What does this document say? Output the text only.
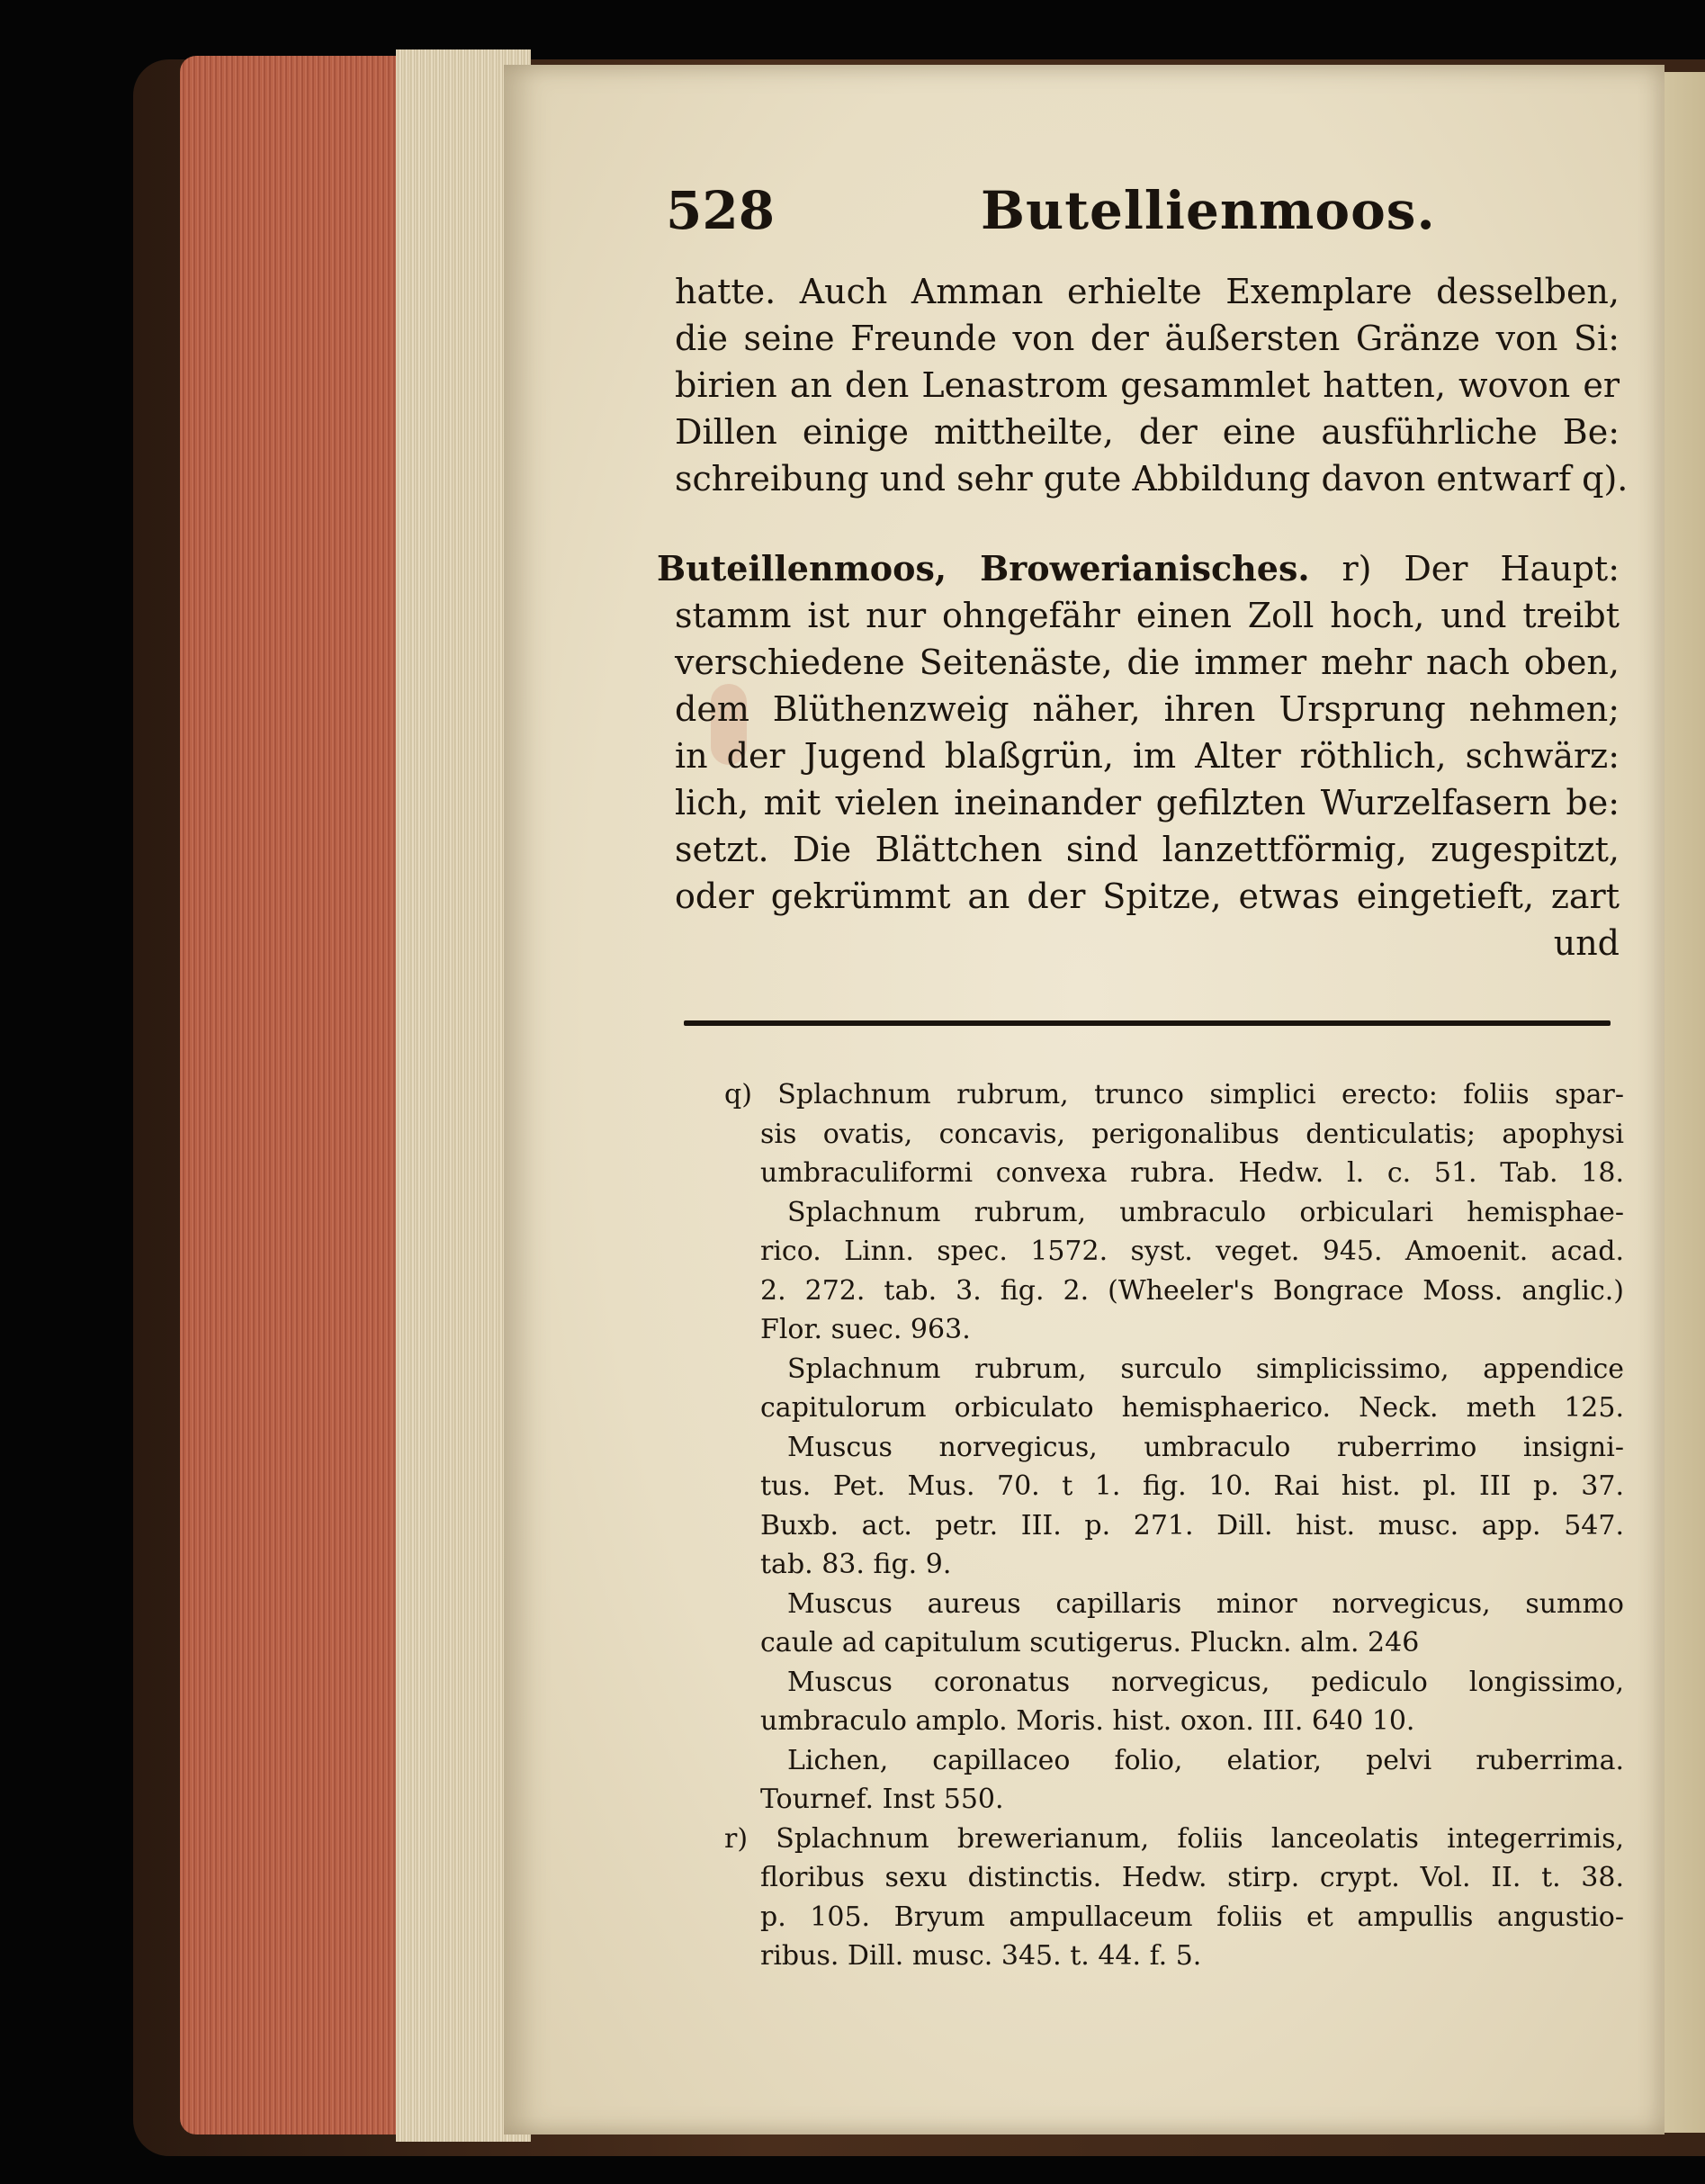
528	Butellienmoos.
hatte. Auch Amman erhielte Exemplare desselben,
die seine Freunde von der äußersten Gränze von Si:
birien an den Lenastrom gesammlet hatten, wovon er
Dillen einige mittheilte, der eine ausführliche Be:
schreibung und sehr gute Abbildung davon entwarf q).
Buteillenmoos, Browerianisches. r) Der Haupt:
stamm ist nur ohngefähr einen Zoll hoch, und treibt
verschiedene Seitenäste, die immer mehr nach oben,
dem Blüthenzweig näher, ihren Ursprung nehmen;
in der Jugend blaßgrün, im Alter röthlich, schwärz:
lich, mit vielen ineinander gefilzten Wurzelfasern be:
setzt. Die Blättchen sind lanzettförmig, zugespitzt,
oder gekrümmt an der Spitze, etwas eingetieft, zart
und
q) Splachnum rubrum, trunco simplici erecto: foliis spar-
sis ovatis, concavis, perigonalibus denticulatis; apophysi
umbraculiformi convexa rubra. Hedw. l. c. 51. Tab. 18.
Splachnum rubrum, umbraculo orbiculari hemisphae-
rico. Linn. spec. 1572. syst. veget. 945. Amoenit. acad.
2. 272. tab. 3. fig. 2. (Wheeler's Bongrace Moss. anglic.)
Flor. suec. 963.
Splachnum rubrum, surculo simplicissimo, appendice
capitulorum orbiculato hemisphaerico. Neck. meth 125.
Muscus norvegicus, umbraculo ruberrimo insigni-
tus. Pet. Mus. 70. t 1. fig. 10. Rai hist. pl. III p. 37.
Buxb. act. petr. III. p. 271. Dill. hist. musc. app. 547.
tab. 83. fig. 9.
Muscus aureus capillaris minor norvegicus, summo
caule ad capitulum scutigerus. Pluckn. alm. 246
Muscus coronatus norvegicus, pediculo longissimo,
umbraculo amplo. Moris. hist. oxon. III. 640 10.
Lichen, capillaceo folio, elatior, pelvi ruberrima.
Tournef. Inst 550.
r) Splachnum brewerianum, foliis lanceolatis integerrimis,
floribus sexu distinctis. Hedw. stirp. crypt. Vol. II. t. 38.
p. 105. Bryum ampullaceum foliis et ampullis angustio-
ribus. Dill. musc. 345. t. 44. f. 5.
